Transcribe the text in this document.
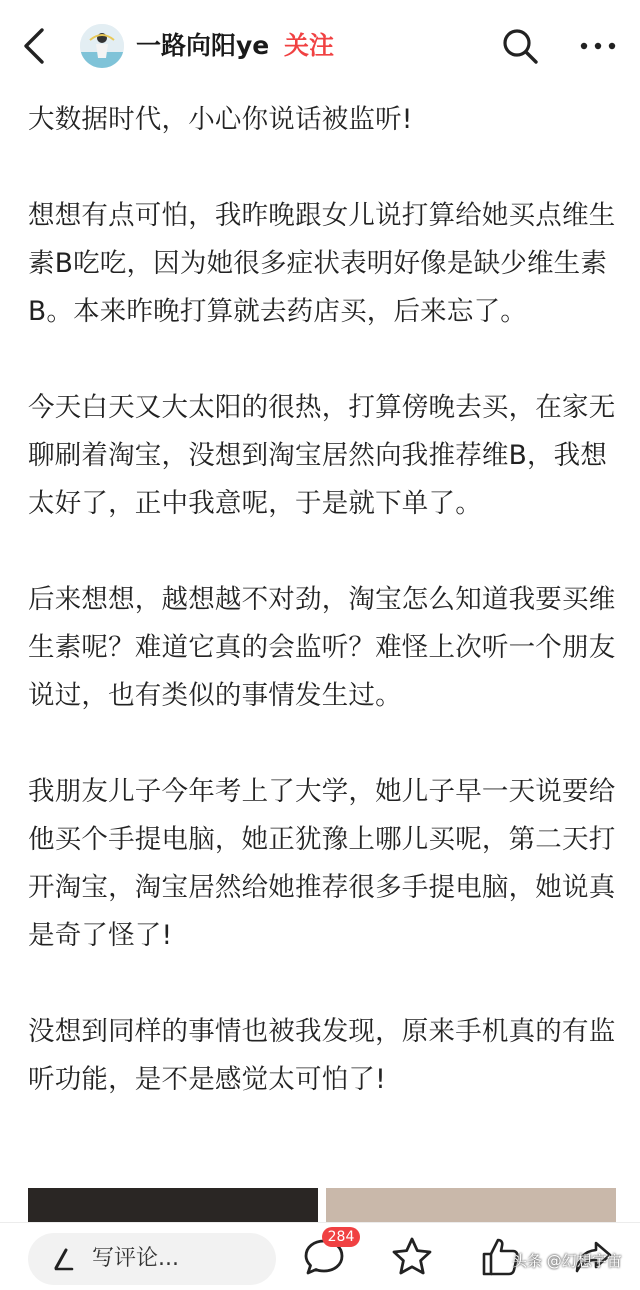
一路向阳ye 关注

大数据时代，小心你说话被监听!

想想有点可怕，我昨晚跟女儿说打算给她买点维生素B吃吃，因为她很多症状表明好像是缺少维生素B。本来昨晚打算就去药店买，后来忘了。

今天白天又大太阳的很热，打算傍晚去买，在家无聊刷着淘宝，没想到淘宝居然向我推荐维B，我想太好了，正中我意呢，于是就下单了。

后来想想，越想越不对劲，淘宝怎么知道我要买维生素呢？难道它真的会监听？难怪上次听一个朋友说过，也有类似的事情发生过。

我朋友儿子今年考上了大学，她儿子早一天说要给他买个手提电脑，她正犹豫上哪儿买呢，第二天打开淘宝，淘宝居然给她推荐很多手提电脑，她说真是奇了怪了!

没想到同样的事情也被我发现，原来手机真的有监听功能，是不是感觉太可怕了!

写评论...
284
头条 @幻想宇宙
